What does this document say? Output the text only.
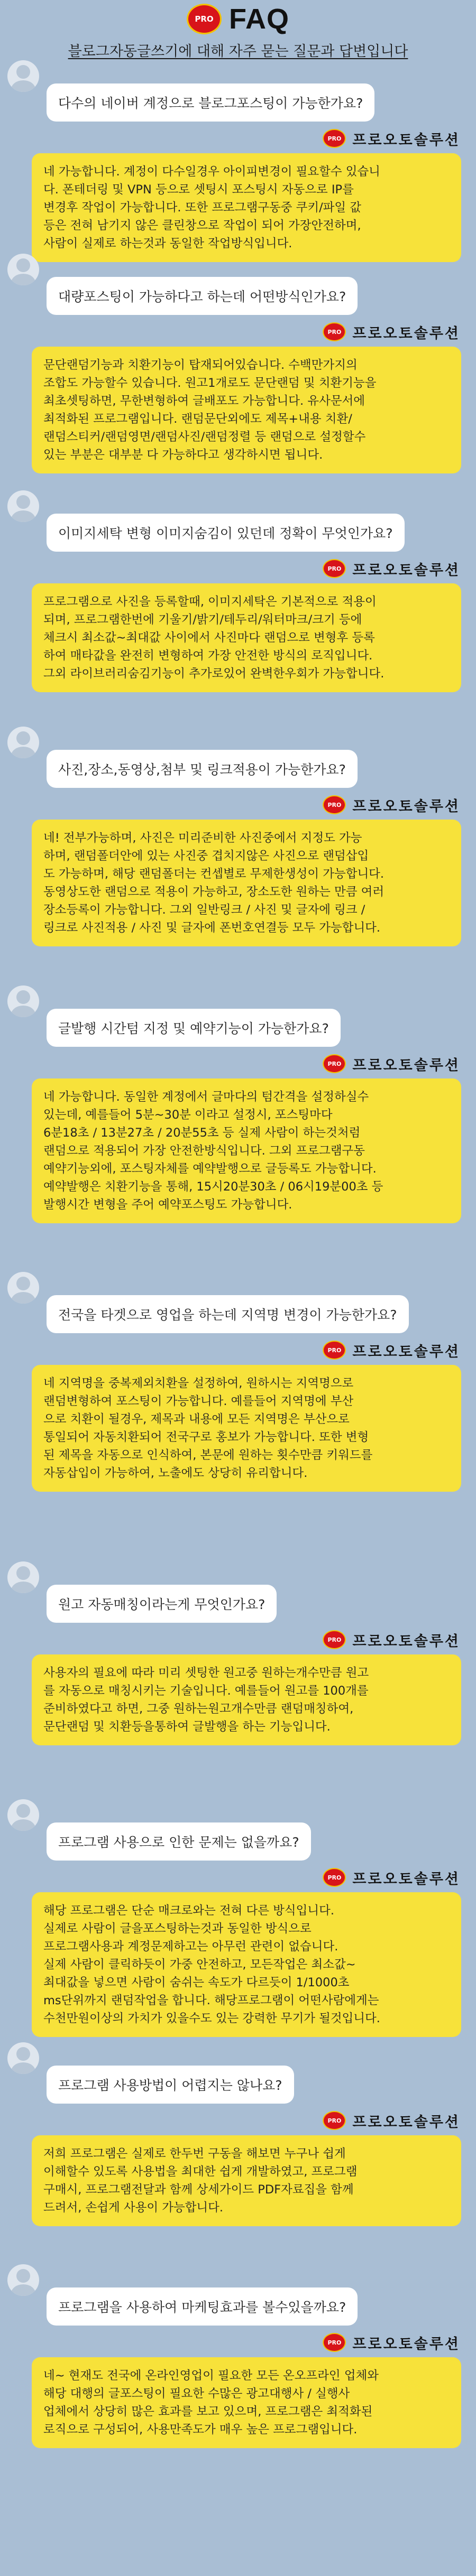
PRO FAQ
블로그자동글쓰기에 대해 자주 묻는 질문과 답변입니다
다수의 네이버 계정으로 블로그포스팅이 가능한가요?
PRO 프로오토솔루션
네 가능합니다. 계정이 다수일경우 아이피변경이 필요할수 있습니
다. 폰테더링 및 VPN 등으로 셋팅시 포스팅시 자동으로 IP를
변경후 작업이 가능합니다. 또한 프로그램구동중 쿠키/파일 값
등은 전혀 남기지 않은 클린창으로 작업이 되어 가장안전하며,
사람이 실제로 하는것과 동일한 작업방식입니다.
대량포스팅이 가능하다고 하는데 어떤방식인가요?
PRO 프로오토솔루션
문단랜덤기능과 치환기능이 탑재되어있습니다. 수백만가지의
조합도 가능할수 있습니다. 원고1개로도 문단랜덤 및 치환기능을
최초셋팅하면, 무한변형하여 글배포도 가능합니다. 유사문서에
최적화된 프로그램입니다. 랜덤문단외에도 제목+내용 치환/
랜덤스티커/랜덤영면/랜덤사진/랜덤정렬 등 랜덤으로 설정할수
있는 부분은 대부분 다 가능하다고 생각하시면 됩니다.
이미지세탁 변형 이미지숨김이 있던데 정확이 무엇인가요?
PRO 프로오토솔루션
프로그램으로 사진을 등록할때, 이미지세탁은 기본적으로 적용이
되며, 프로그램한번에 기울기/밝기/테두리/워터마크/크기 등에
체크시 최소값~최대값 사이에서 사진마다 랜덤으로 변형후 등록
하여 매타값을 완전히 변형하여 가장 안전한 방식의 로직입니다.
그외 라이브러리숨김기능이 추가로있어 완벽한우회가 가능합니다.
사진,장소,동영상,첨부 및 링크적용이 가능한가요?
PRO 프로오토솔루션
네! 전부가능하며, 사진은 미리준비한 사진중에서 지정도 가능
하며, 랜덤폴더안에 있는 사진중 겹치지않은 사진으로 랜덤삽입
도 가능하며, 해당 랜덤폴더는 컨셉별로 무제한생성이 가능합니다.
동영상도한 랜덤으로 적용이 가능하고, 장소도한 원하는 만큼 여러
장소등록이 가능합니다. 그외 일반링크 / 사진 및 글자에 링크 /
링크로 사진적용 / 사진 및 글자에 폰번호연결등 모두 가능합니다.
글발행 시간텀 지정 및 예약기능이 가능한가요?
PRO 프로오토솔루션
네 가능합니다. 동일한 계정에서 글마다의 텀간격을 설정하실수
있는데, 예를들어 5분~30분 이라고 설정시, 포스팅마다
6분18초 / 13분27초 / 20분55초 등 실제 사람이 하는것처럼
랜덤으로 적용되어 가장 안전한방식입니다. 그외 프로그램구동
예약기능외에, 포스팅자체를 예약발행으로 글등록도 가능합니다.
예약발행은 치환기능을 통해, 15시20분30초 / 06시19분00초 등
발행시간 변형을 주어 예약포스팅도 가능합니다.
전국을 타겟으로 영업을 하는데 지역명 변경이 가능한가요?
PRO 프로오토솔루션
네 지역명을 중복제외치환을 설정하여, 원하시는 지역명으로
랜덤변형하여 포스팅이 가능합니다. 예를들어 지역명에 부산
으로 치환이 될경우, 제목과 내용에 모든 지역명은 부산으로
통일되어 자동치환되어 전국구로 홍보가 가능합니다. 또한 변형
된 제목을 자동으로 인식하여, 본문에 원하는 횟수만큼 키워드를
자동삽입이 가능하여, 노출에도 상당히 유리합니다.
원고 자동매칭이라는게 무엇인가요?
PRO 프로오토솔루션
사용자의 필요에 따라 미리 셋팅한 원고중 원하는개수만큼 원고
를 자동으로 매칭시키는 기술입니다. 예를들어 원고를 100개를
준비하였다고 하면, 그중 원하는원고개수만큼 랜덤매칭하여,
문단랜덤 및 치환등을통하여 글발행을 하는 기능입니다.
프로그램 사용으로 인한 문제는 없을까요?
PRO 프로오토솔루션
해당 프로그램은 단순 매크로와는 전혀 다른 방식입니다.
실제로 사람이 글을포스팅하는것과 동일한 방식으로
프로그램사용과 계정문제하고는 아무런 관련이 없습니다.
실제 사람이 클릭하듯이 가중 안전하고, 모든작업은 최소값~
최대값을 넣으면 사람이 숨쉬는 속도가 다르듯이 1/1000초
ms단위까지 랜덤작업을 합니다. 해당프로그램이 어떤사람에게는
수천만원이상의 가치가 있을수도 있는 강력한 무기가 될것입니다.
프로그램 사용방법이 어렵지는 않나요?
PRO 프로오토솔루션
저희 프로그램은 실제로 한두번 구동을 해보면 누구나 쉽게
이해할수 있도록 사용법을 최대한 쉽게 개발하였고, 프로그램
구매시, 프로그램전달과 함께 상세가이드 PDF자료집을 함께
드려서, 손쉽게 사용이 가능합니다.
프로그램을 사용하여 마케팅효과를 볼수있을까요?
PRO 프로오토솔루션
네~ 현재도 전국에 온라인영업이 필요한 모든 온오프라인 업체와
해당 대행의 글포스팅이 필요한 수많은 광고대행사 / 실행사
업체에서 상당히 많은 효과를 보고 있으며, 프로그램은 최적화된
로직으로 구성되어, 사용만족도가 매우 높은 프로그램입니다.
